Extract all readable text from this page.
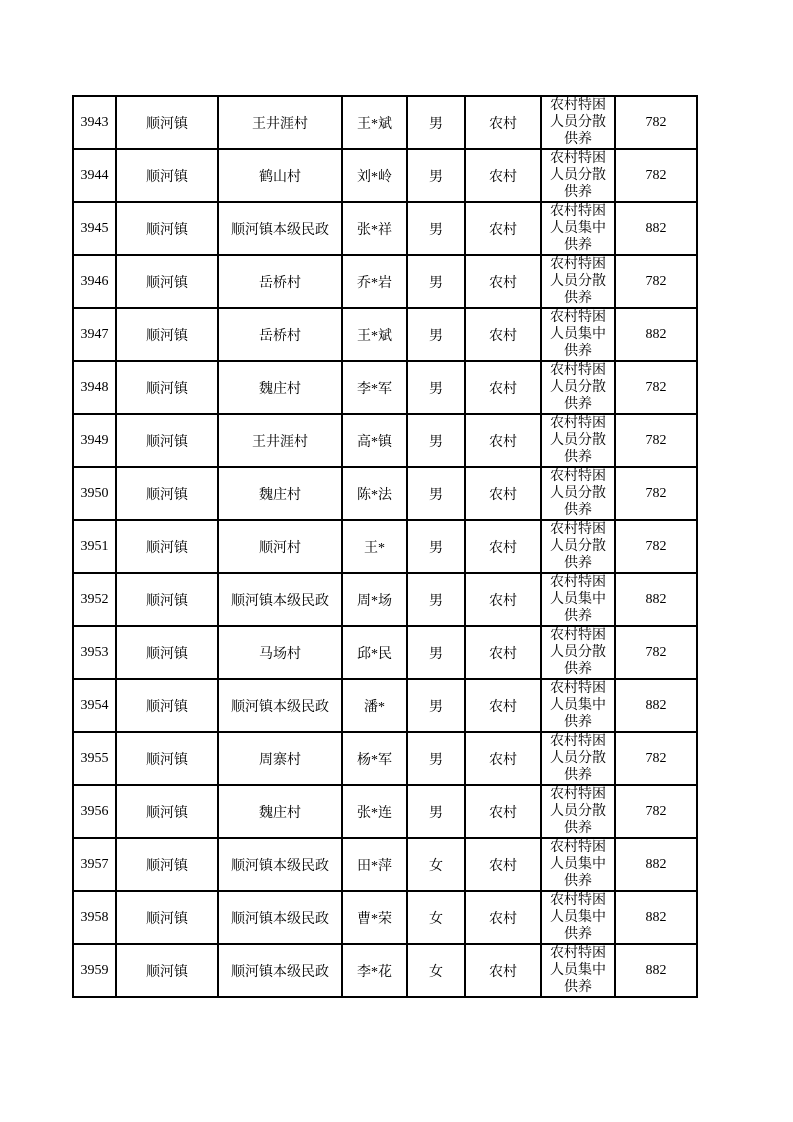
3943	顺河镇	王井涯村	王*斌	男	农村	农村特困人员分散供养	782
3944	顺河镇	鹤山村	刘*岭	男	农村	农村特困人员分散供养	782
3945	顺河镇	顺河镇本级民政	张*祥	男	农村	农村特困人员集中供养	882
3946	顺河镇	岳桥村	乔*岩	男	农村	农村特困人员分散供养	782
3947	顺河镇	岳桥村	王*斌	男	农村	农村特困人员集中供养	882
3948	顺河镇	魏庄村	李*军	男	农村	农村特困人员分散供养	782
3949	顺河镇	王井涯村	高*镇	男	农村	农村特困人员分散供养	782
3950	顺河镇	魏庄村	陈*法	男	农村	农村特困人员分散供养	782
3951	顺河镇	顺河村	王*	男	农村	农村特困人员分散供养	782
3952	顺河镇	顺河镇本级民政	周*场	男	农村	农村特困人员集中供养	882
3953	顺河镇	马场村	邱*民	男	农村	农村特困人员分散供养	782
3954	顺河镇	顺河镇本级民政	潘*	男	农村	农村特困人员集中供养	882
3955	顺河镇	周寨村	杨*军	男	农村	农村特困人员分散供养	782
3956	顺河镇	魏庄村	张*连	男	农村	农村特困人员分散供养	782
3957	顺河镇	顺河镇本级民政	田*萍	女	农村	农村特困人员集中供养	882
3958	顺河镇	顺河镇本级民政	曹*荣	女	农村	农村特困人员集中供养	882
3959	顺河镇	顺河镇本级民政	李*花	女	农村	农村特困人员集中供养	882
